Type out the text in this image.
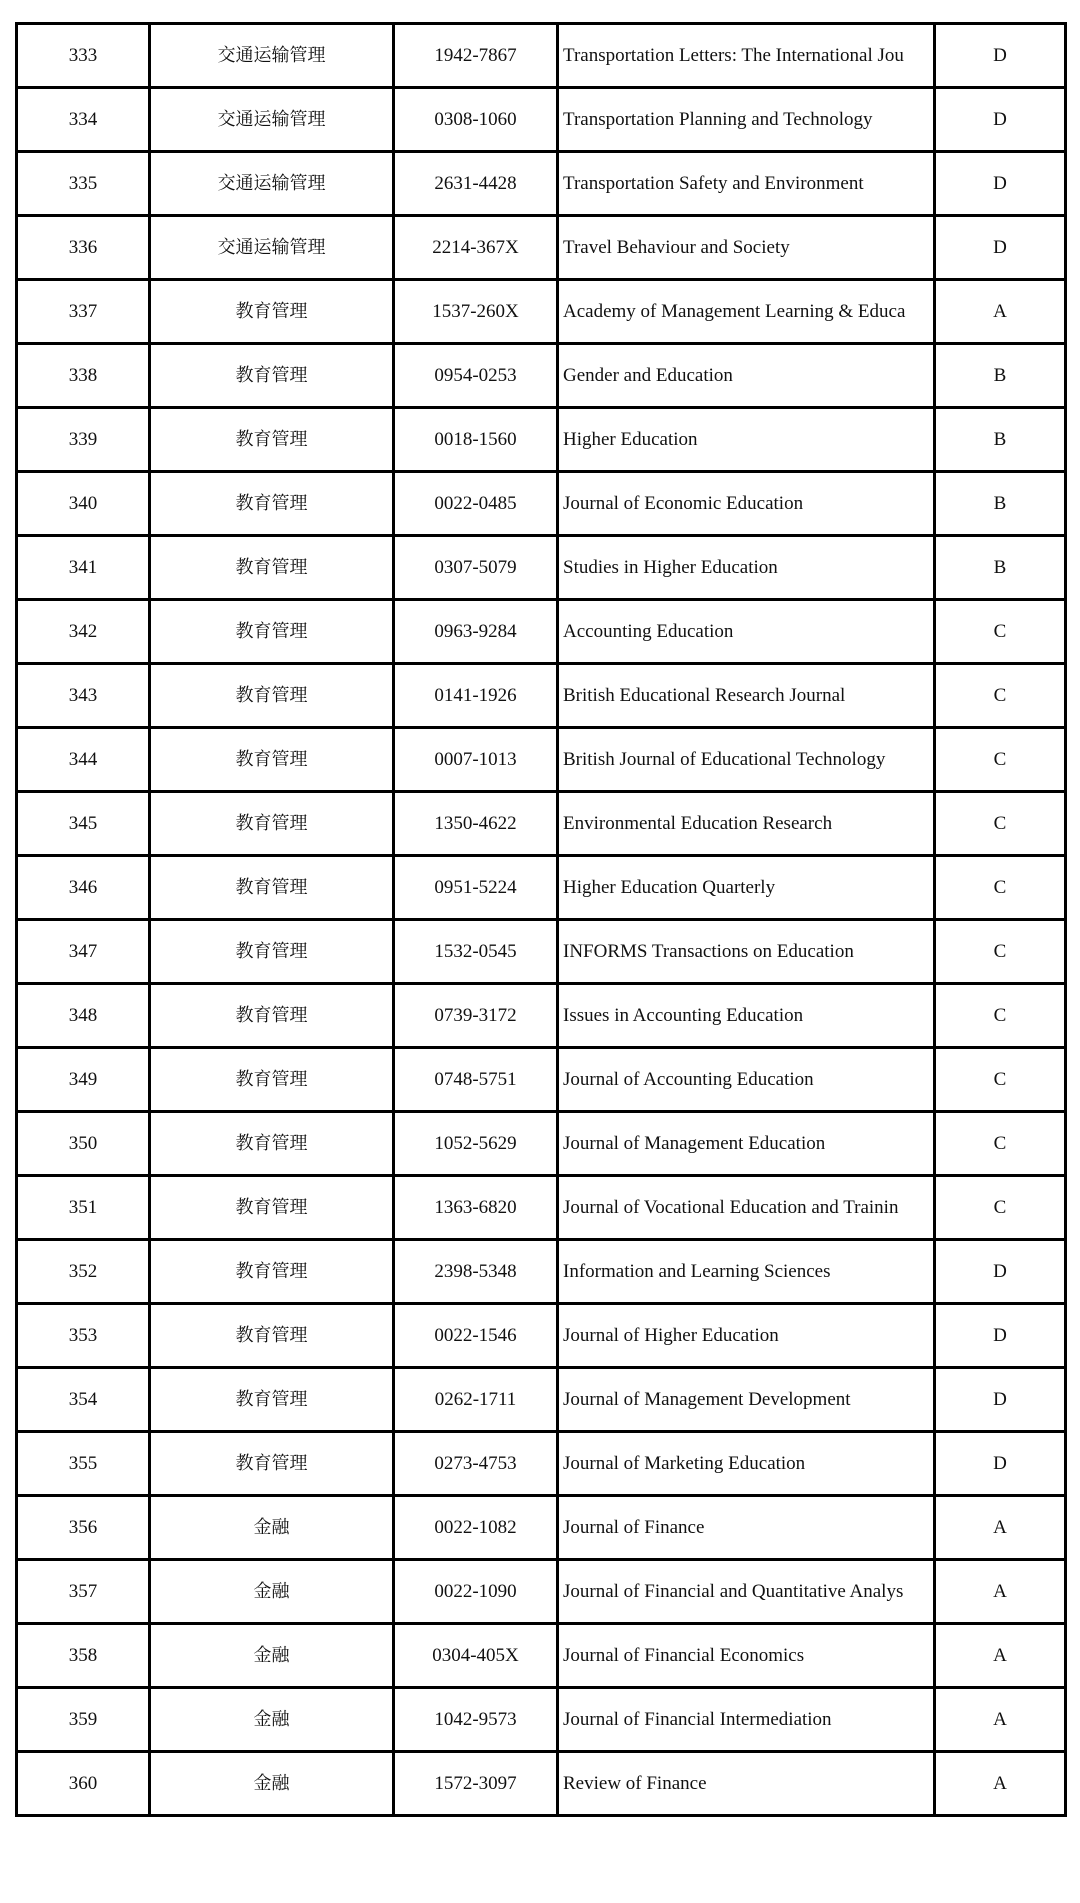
333	交通运输管理	1942-7867	Transportation Letters: The International Jou	D
334	交通运输管理	0308-1060	Transportation Planning and Technology	D
335	交通运输管理	2631-4428	Transportation Safety and Environment	D
336	交通运输管理	2214-367X	Travel Behaviour and Society	D
337	教育管理	1537-260X	Academy of Management Learning & Educa	A
338	教育管理	0954-0253	Gender and Education	B
339	教育管理	0018-1560	Higher Education	B
340	教育管理	0022-0485	Journal of Economic Education	B
341	教育管理	0307-5079	Studies in Higher Education	B
342	教育管理	0963-9284	Accounting Education	C
343	教育管理	0141-1926	British Educational Research Journal	C
344	教育管理	0007-1013	British Journal of Educational Technology	C
345	教育管理	1350-4622	Environmental Education Research	C
346	教育管理	0951-5224	Higher Education Quarterly	C
347	教育管理	1532-0545	INFORMS Transactions on Education	C
348	教育管理	0739-3172	Issues in Accounting Education	C
349	教育管理	0748-5751	Journal of Accounting Education	C
350	教育管理	1052-5629	Journal of Management Education	C
351	教育管理	1363-6820	Journal of Vocational Education and Trainin	C
352	教育管理	2398-5348	Information and Learning Sciences	D
353	教育管理	0022-1546	Journal of Higher Education	D
354	教育管理	0262-1711	Journal of Management Development	D
355	教育管理	0273-4753	Journal of Marketing Education	D
356	金融	0022-1082	Journal of Finance	A
357	金融	0022-1090	Journal of Financial and Quantitative Analys	A
358	金融	0304-405X	Journal of Financial Economics	A
359	金融	1042-9573	Journal of Financial Intermediation	A
360	金融	1572-3097	Review of Finance	A
